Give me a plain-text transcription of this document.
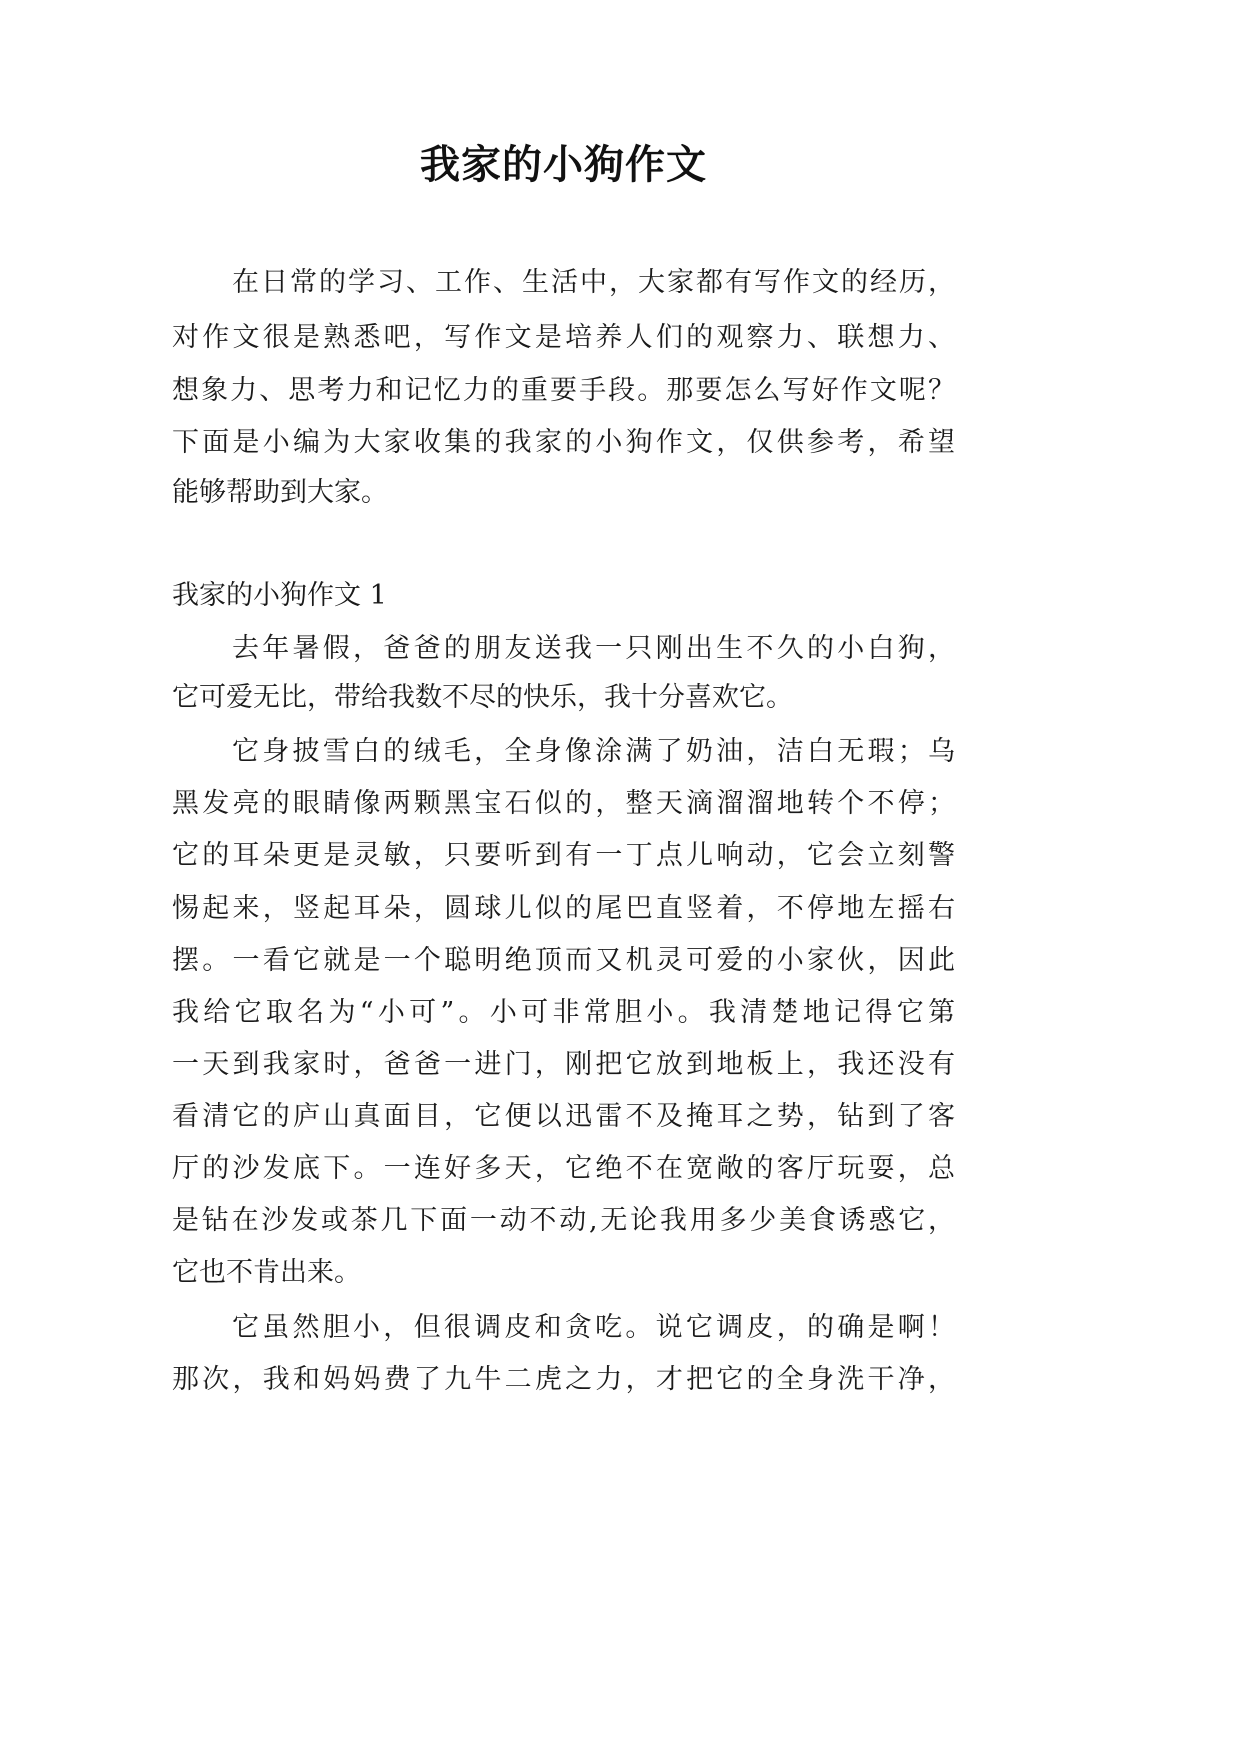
我家的小狗作文
在日常的学习、工作、生活中，大家都有写作文的经历，
对作文很是熟悉吧，写作文是培养人们的观察力、联想力、
想象力、思考力和记忆力的重要手段。那要怎么写好作文呢？
下面是小编为大家收集的我家的小狗作文，仅供参考，希望
能够帮助到大家。
我家的小狗作文 1
去年暑假，爸爸的朋友送我一只刚出生不久的小白狗，
它可爱无比，带给我数不尽的快乐，我十分喜欢它。
它身披雪白的绒毛，全身像涂满了奶油，洁白无瑕；乌
黑发亮的眼睛像两颗黑宝石似的，整天滴溜溜地转个不停；
它的耳朵更是灵敏，只要听到有一丁点儿响动，它会立刻警
惕起来，竖起耳朵，圆球儿似的尾巴直竖着，不停地左摇右
摆。一看它就是一个聪明绝顶而又机灵可爱的小家伙，因此
我给它取名为“小可”。小可非常胆小。我清楚地记得它第
一天到我家时，爸爸一进门，刚把它放到地板上，我还没有
看清它的庐山真面目，它便以迅雷不及掩耳之势，钻到了客
厅的沙发底下。一连好多天，它绝不在宽敞的客厅玩耍，总
是钻在沙发或茶几下面一动不动,无论我用多少美食诱惑它，
它也不肯出来。
它虽然胆小，但很调皮和贪吃。说它调皮，的确是啊！
那次，我和妈妈费了九牛二虎之力，才把它的全身洗干净，
